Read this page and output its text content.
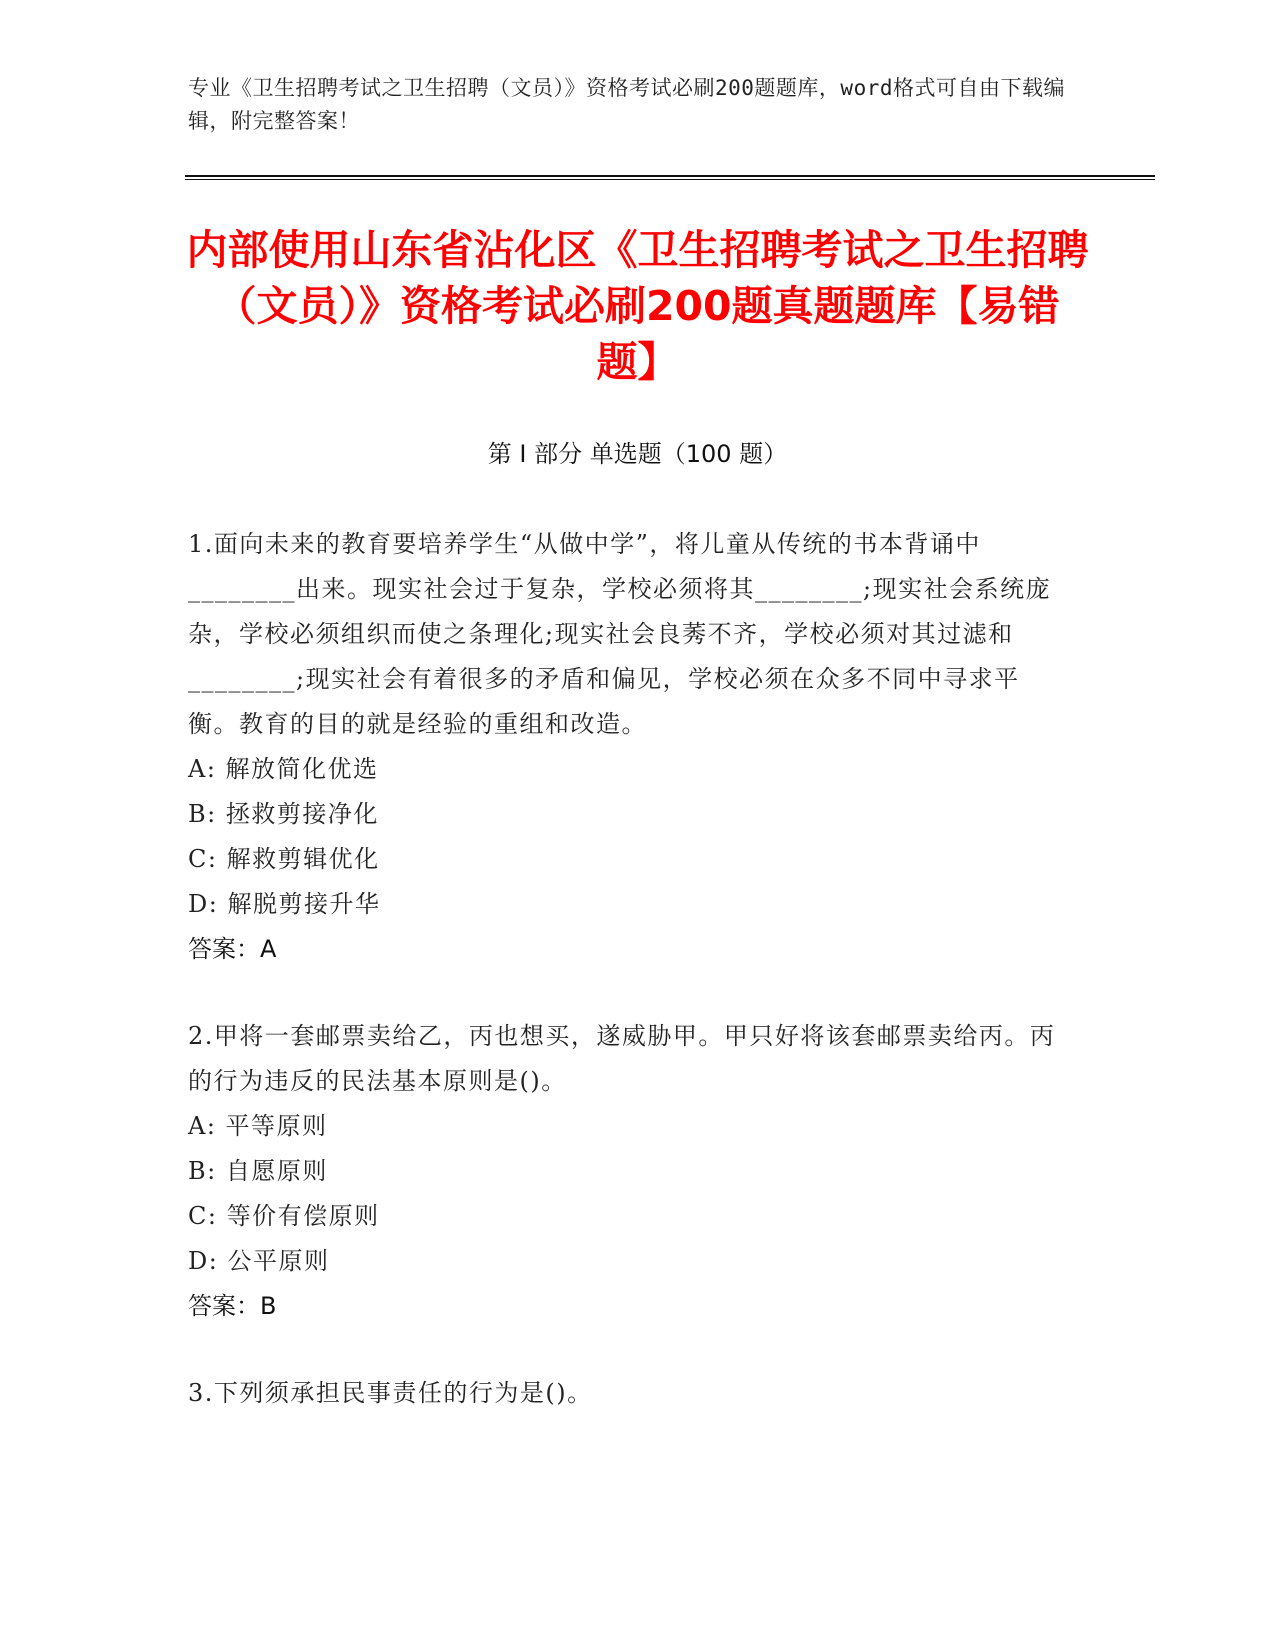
专业《卫生招聘考试之卫生招聘（文员）》资格考试必刷200题题库，word格式可自由下载编辑，附完整答案！
内部使用山东省沾化区《卫生招聘考试之卫生招聘（文员）》资格考试必刷200题真题题库【易错题】
第 I 部分 单选题（100 题）

1.面向未来的教育要培养学生“从做中学”，将儿童从传统的书本背诵中________出来。现实社会过于复杂，学校必须将其________;现实社会系统庞杂，学校必须组织而使之条理化;现实社会良莠不齐，学校必须对其过滤和________;现实社会有着很多的矛盾和偏见，学校必须在众多不同中寻求平衡。教育的目的就是经验的重组和改造。

A: 解放简化优选

B: 拯救剪接净化

C: 解救剪辑优化

D: 解脱剪接升华

答案：A

2.甲将一套邮票卖给乙，丙也想买，遂威胁甲。甲只好将该套邮票卖给丙。丙的行为违反的民法基本原则是()。

A: 平等原则

B: 自愿原则

C: 等价有偿原则

D: 公平原则

答案：B

3.下列须承担民事责任的行为是()。
